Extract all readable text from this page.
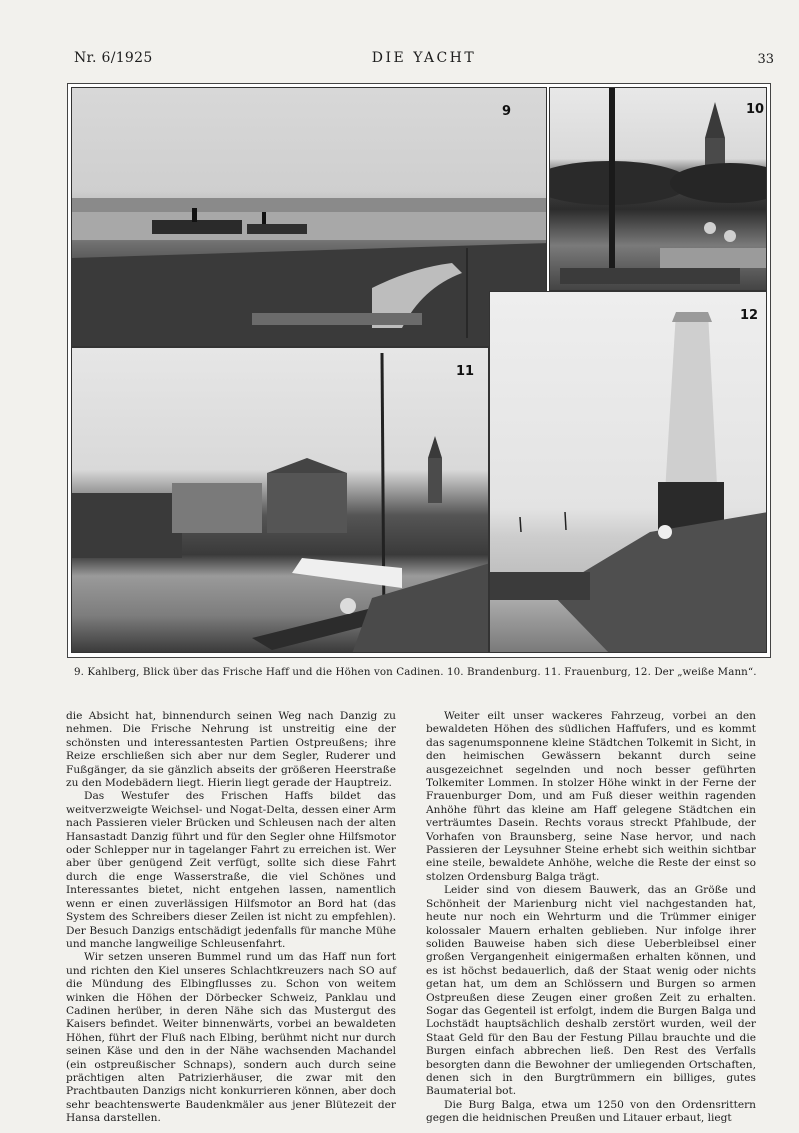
Nr. 6/1925	DIE YACHT	33
9	10
11
12
9. Kahlberg, Blick über das Frische Haff und die Höhen von Cadinen. 10. Brandenburg. 11. Frauenburg, 12. Der „weiße Mann“.

die Absicht hat, binnendurch seinen Weg nach Danzig zu nehmen. Die Frische Nehrung ist unstreitig eine der schönsten und interessantesten Partien Ostpreußens; ihre Reize erschließen sich aber nur dem Segler, Ruderer und Fußgänger, da sie gänzlich abseits der größeren Heerstraße zu den Modebädern liegt. Hierin liegt gerade der Hauptreiz.

Das Westufer des Frischen Haffs bildet das weitverzweigte Weichsel- und Nogat-Delta, dessen einer Arm nach Passieren vieler Brücken und Schleusen nach der alten Hansastadt Danzig führt und für den Segler ohne Hilfsmotor oder Schlepper nur in tagelanger Fahrt zu erreichen ist. Wer aber über genügend Zeit verfügt, sollte sich diese Fahrt durch die enge Wasserstraße, die viel Schönes und Interessantes bietet, nicht entgehen lassen, namentlich wenn er einen zuverlässigen Hilfsmotor an Bord hat (das System des Schreibers dieser Zeilen ist nicht zu empfehlen). Der Besuch Danzigs entschädigt jedenfalls für manche Mühe und manche langweilige Schleusenfahrt.

Wir setzen unseren Bummel rund um das Haff nun fort und richten den Kiel unseres Schlachtkreuzers nach SO auf die Mündung des Elbingflusses zu. Schon von weitem winken die Höhen der Dörbecker Schweiz, Panklau und Cadinen herüber, in deren Nähe sich das Mustergut des Kaisers befindet. Weiter binnenwärts, vorbei an bewaldeten Höhen, führt der Fluß nach Elbing, berühmt nicht nur durch seinen Käse und den in der Nähe wachsenden Machandel (ein ostpreußischer Schnaps), sondern auch durch seine prächtigen alten Patrizierhäuser, die zwar mit den Prachtbauten Danzigs nicht konkurrieren können, aber doch sehr beachtenswerte Baudenkmäler aus jener Blütezeit der Hansa darstellen.

Weiter eilt unser wackeres Fahrzeug, vorbei an den bewaldeten Höhen des südlichen Haffufers, und es kommt das sagenumsponnene kleine Städtchen Tolkemit in Sicht, in den heimischen Gewässern bekannt durch seine ausgezeichnet segelnden und noch besser geführten Tolkemiter Lommen. In stolzer Höhe winkt in der Ferne der Frauenburger Dom, und am Fuß dieser weithin ragenden Anhöhe führt das kleine am Haff gelegene Städtchen ein verträumtes Dasein. Rechts voraus streckt Pfahlbude, der Vorhafen von Braunsberg, seine Nase hervor, und nach Passieren der Leysuhner Steine erhebt sich weithin sichtbar eine steile, bewaldete Anhöhe, welche die Reste der einst so stolzen Ordensburg Balga trägt.

Leider sind von diesem Bauwerk, das an Größe und Schönheit der Marienburg nicht viel nachgestanden hat, heute nur noch ein Wehrturm und die Trümmer einiger kolossaler Mauern erhalten geblieben. Nur infolge ihrer soliden Bauweise haben sich diese Ueberbleibsel einer großen Vergangenheit einigermaßen erhalten können, und es ist höchst bedauerlich, daß der Staat wenig oder nichts getan hat, um dem an Schlössern und Burgen so armen Ostpreußen diese Zeugen einer großen Zeit zu erhalten. Sogar das Gegenteil ist erfolgt, indem die Burgen Balga und Lochstädt hauptsächlich deshalb zerstört wurden, weil der Staat Geld für den Bau der Festung Pillau brauchte und die Burgen einfach abbrechen ließ. Den Rest des Verfalls besorgten dann die Bewohner der umliegenden Ortschaften, denen sich in den Burgtrümmern ein billiges, gutes Baumaterial bot.

Die Burg Balga, etwa um 1250 von den Ordensrittern gegen die heidnischen Preußen und Litauer erbaut, liegt
